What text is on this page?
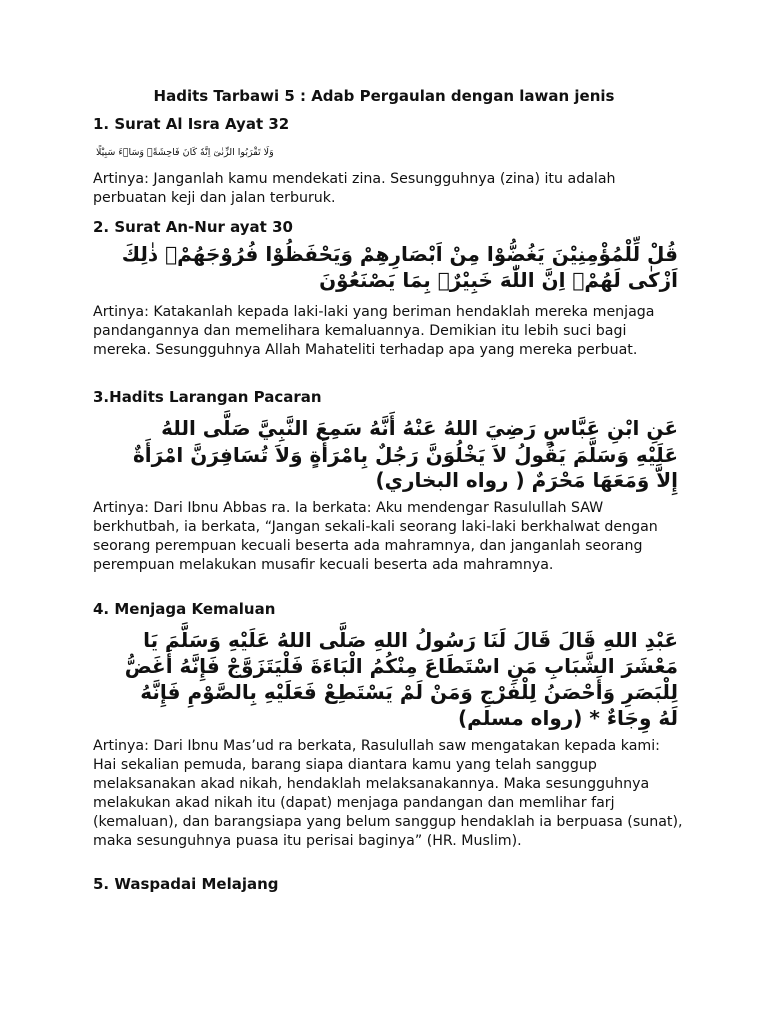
Hadits Tarbawi 5 : Adab Pergaulan dengan lawan jenis
1. Surat Al Isra Ayat 32
وَلَا تَقْرَبُوا الزِّنٰىٓ اِنَّهٗ كَانَ فَاحِشَةًۗ وَسَاۤءَ سَبِيْلًا
Artinya: Janganlah kamu mendekati zina. Sesungguhnya (zina) itu adalah perbuatan keji dan jalan terburuk.
2. Surat An-Nur ayat 30
قُلْ لِّلْمُؤْمِنِيْنَ يَغُضُّوْا مِنْ اَبْصَارِهِمْ وَيَحْفَظُوْا فُرُوْجَهُمْۗ ذٰلِكَ
اَزْكٰى لَهُمْۗ اِنَّ اللّٰهَ خَبِيْرٌۢ بِمَا يَصْنَعُوْنَ
Artinya: Katakanlah kepada laki-laki yang beriman hendaklah mereka menjaga pandangannya dan memelihara kemaluannya. Demikian itu lebih suci bagi mereka. Sesungguhnya Allah Mahateliti terhadap apa yang mereka perbuat.
3.Hadits Larangan Pacaran
عَنِ ابْنِ عَبَّاسٍ رَضِيَ اللهُ عَنْهُ أَنَّهُ سَمِعَ النَّبِيَّ صَلَّى اللهُ
عَلَيْهِ وَسَلَّمَ يَقُولُ لاَ يَخْلُوَنَّ رَجُلٌ بِامْرَأَةٍ وَلاَ تُسَافِرَنَّ امْرَأَةٌ
إِلاَّ وَمَعَهَا مَحْرَمٌ ( رواه البخاري)
Artinya: Dari Ibnu Abbas ra. Ia berkata: Aku mendengar Rasulullah SAW berkhutbah, ia berkata, “Jangan sekali-kali seorang laki-laki berkhalwat dengan seorang perempuan kecuali beserta ada mahramnya, dan janganlah seorang perempuan melakukan musafir kecuali beserta ada mahramnya.
4. Menjaga Kemaluan
عَبْدِ اللهِ قَالَ قَالَ لَنَا رَسُولُ اللهِ صَلَّى اللهُ عَلَيْهِ وَسَلَّمَ يَا
مَعْشَرَ الشَّبَابِ مَنِ اسْتَطَاعَ مِنْكُمُ الْبَاءَةَ فَلْيَتَزَوَّجْ فَإِنَّهُ أَغَضُّ
لِلْبَصَرِ وَأَحْصَنُ لِلْفَرْجِ وَمَنْ لَمْ يَسْتَطِعْ فَعَلَيْهِ بِالصَّوْمِ فَإِنَّهُ
لَهُ وِجَاءٌ * (رواه مسلم)
Artinya: Dari Ibnu Mas’ud ra berkata, Rasulullah saw mengatakan kepada kami: Hai sekalian pemuda, barang siapa diantara kamu yang telah sanggup melaksanakan akad nikah, hendaklah melaksanakannya. Maka sesungguhnya melakukan akad nikah itu (dapat) menjaga pandangan dan memlihar farj (kemaluan), dan barangsiapa yang belum sanggup hendaklah ia berpuasa (sunat), maka sesunguhnya puasa itu perisai baginya” (HR. Muslim).
5. Waspadai Melajang
